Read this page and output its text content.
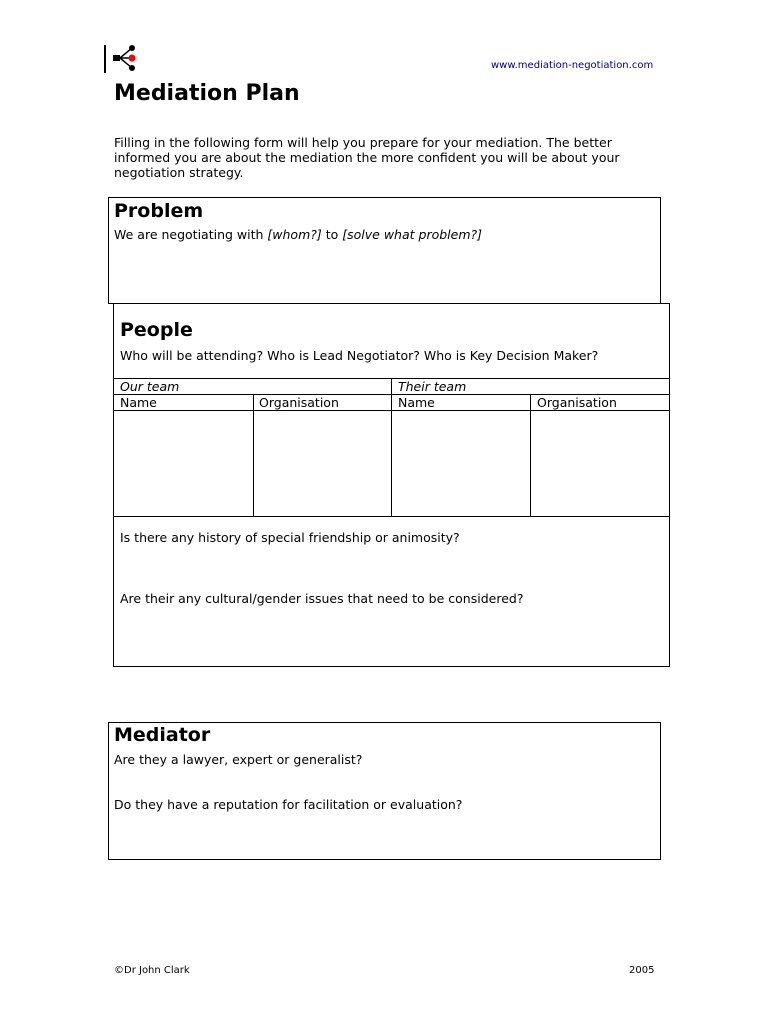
www.mediation-negotiation.com
Mediation Plan

Filling in the following form will help you prepare for your mediation. The better informed you are about the mediation the more confident you will be about your negotiation strategy.

Problem

We are negotiating with [whom?] to [solve what problem?]

People

Who will be attending? Who is Lead Negotiator? Who is Key Decision Maker?

Our team	Their team
Name	Organisation	Name	Organisation

Is there any history of special friendship or animosity?

Are their any cultural/gender issues that need to be considered?

Mediator

Are they a lawyer, expert or generalist?

Do they have a reputation for facilitation or evaluation?

©Dr John Clark	2005
